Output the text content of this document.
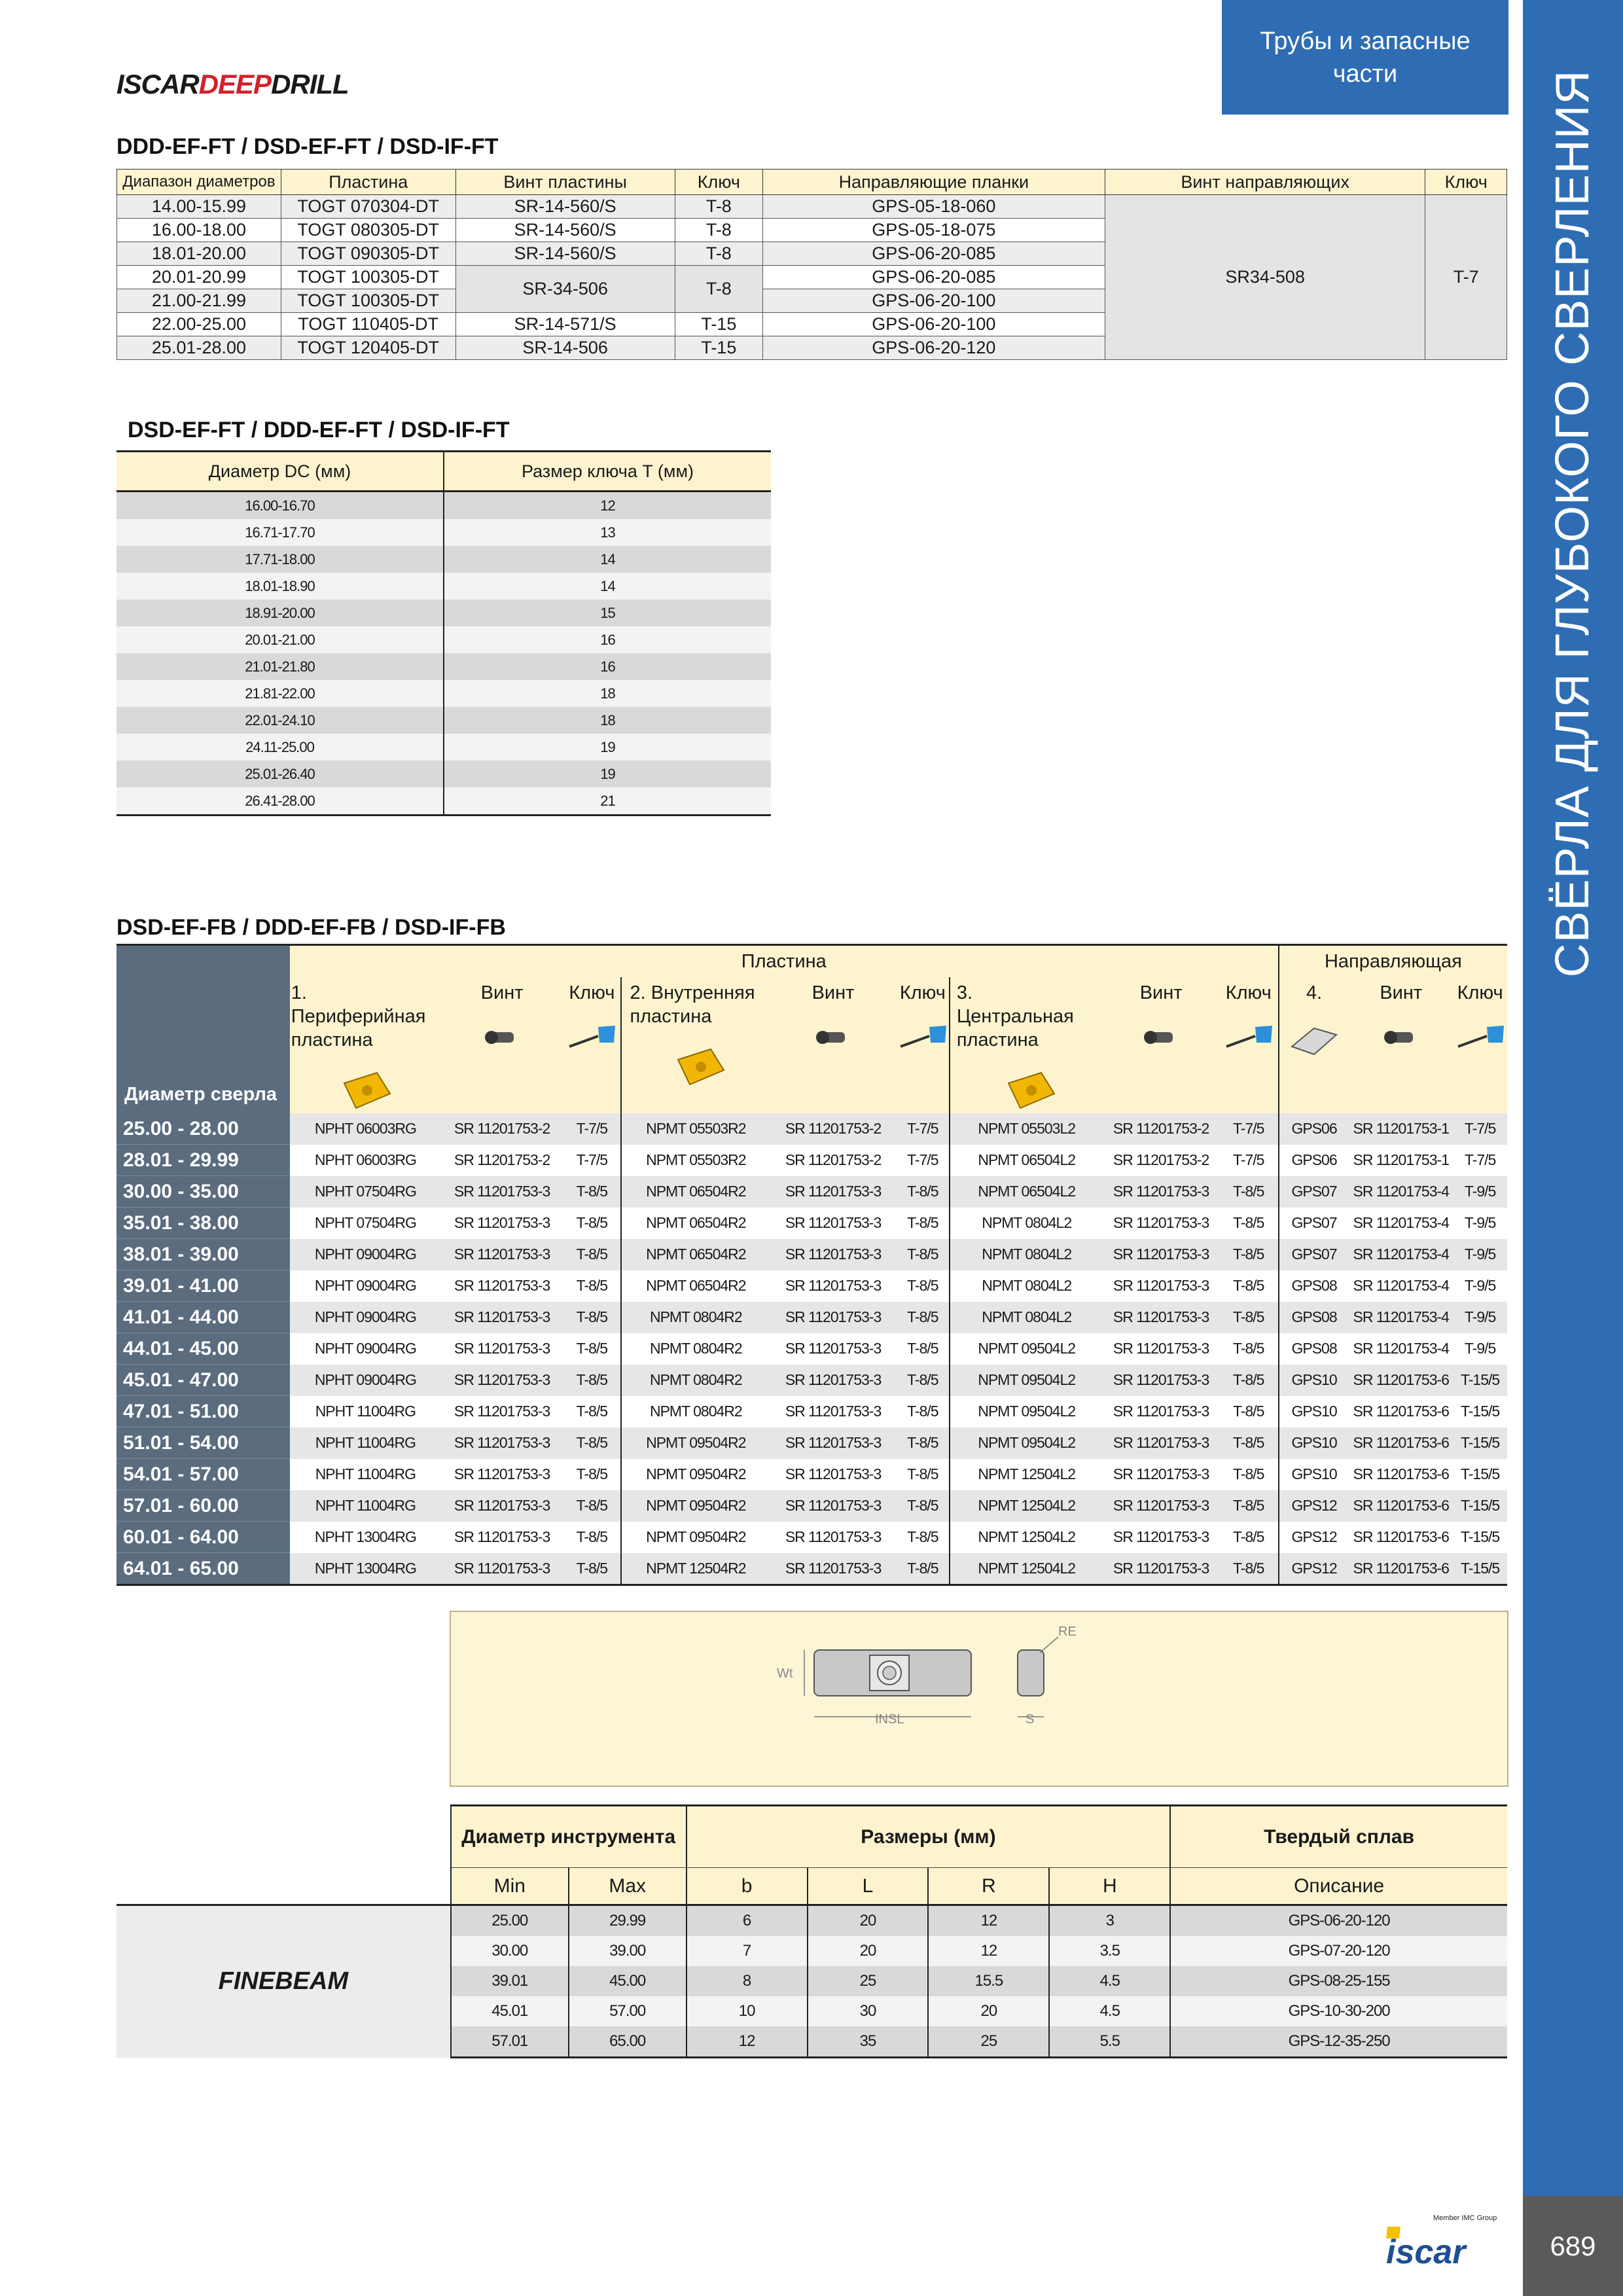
СВЁРЛА ДЛЯ ГЛУБОКОГО СВЕРЛЕНИЯ
Трубы и запасные
части
689
Member IMC Group
iscar
ISCARDEEPDRILL
DDD-EF-FT / DSD-EF-FT / DSD-IF-FT
Диапазон диаметров	Пластина	Винт пластины	Ключ	Направляющие планки	Винт направляющих	Ключ
14.00-15.99	TOGT 070304-DT	SR-14-560/S	T-8	GPS-05-18-060	SR34-508	T-7
16.00-18.00	TOGT 080305-DT	SR-14-560/S	T-8	GPS-05-18-075		
18.01-20.00	TOGT 090305-DT	SR-14-560/S	T-8	GPS-06-20-085		
20.01-20.99	TOGT 100305-DT	SR-34-506	T-8	GPS-06-20-085		
21.00-21.99	TOGT 100305-DT			GPS-06-20-100		
22.00-25.00	TOGT 110405-DT	SR-14-571/S	T-15	GPS-06-20-100		
25.01-28.00	TOGT 120405-DT	SR-14-506	T-15	GPS-06-20-120		
DSD-EF-FT / DDD-EF-FT / DSD-IF-FT
Диаметр DC (мм)	Размер ключа T (мм)
16.00-16.70	12
16.71-17.70	13
17.71-18.00	14
18.01-18.90	14
18.91-20.00	15
20.01-21.00	16
21.01-21.80	16
21.81-22.00	18
22.01-24.10	18
24.11-25.00	19
25.01-26.40	19
26.41-28.00	21
DSD-EF-FB / DDD-EF-FB / DSD-IF-FB
Диаметр сверла	Пластина									Направляющая		

	1. Периферийная пластина	Винт	Ключ	2. Внутренняя пластина	Винт	Ключ	3. Центральная пластина	Винт	Ключ	4.	Винт	Ключ

25.00 - 28.00	NPHT 06003RG	SR 11201753-2	T-7/5	NPMT 05503R2	SR 11201753-2	T-7/5	NPMT 05503L2	SR 11201753-2	T-7/5	GPS06	SR 11201753-1	T-7/5
28.01 - 29.99	NPHT 06003RG	SR 11201753-2	T-7/5	NPMT 05503R2	SR 11201753-2	T-7/5	NPMT 06504L2	SR 11201753-2	T-7/5	GPS06	SR 11201753-1	T-7/5
30.00 - 35.00	NPHT 07504RG	SR 11201753-3	T-8/5	NPMT 06504R2	SR 11201753-3	T-8/5	NPMT 06504L2	SR 11201753-3	T-8/5	GPS07	SR 11201753-4	T-9/5
35.01 - 38.00	NPHT 07504RG	SR 11201753-3	T-8/5	NPMT 06504R2	SR 11201753-3	T-8/5	NPMT 0804L2	SR 11201753-3	T-8/5	GPS07	SR 11201753-4	T-9/5
38.01 - 39.00	NPHT 09004RG	SR 11201753-3	T-8/5	NPMT 06504R2	SR 11201753-3	T-8/5	NPMT 0804L2	SR 11201753-3	T-8/5	GPS07	SR 11201753-4	T-9/5
39.01 - 41.00	NPHT 09004RG	SR 11201753-3	T-8/5	NPMT 06504R2	SR 11201753-3	T-8/5	NPMT 0804L2	SR 11201753-3	T-8/5	GPS08	SR 11201753-4	T-9/5
41.01 - 44.00	NPHT 09004RG	SR 11201753-3	T-8/5	NPMT 0804R2	SR 11201753-3	T-8/5	NPMT 0804L2	SR 11201753-3	T-8/5	GPS08	SR 11201753-4	T-9/5
44.01 - 45.00	NPHT 09004RG	SR 11201753-3	T-8/5	NPMT 0804R2	SR 11201753-3	T-8/5	NPMT 09504L2	SR 11201753-3	T-8/5	GPS08	SR 11201753-4	T-9/5
45.01 - 47.00	NPHT 09004RG	SR 11201753-3	T-8/5	NPMT 0804R2	SR 11201753-3	T-8/5	NPMT 09504L2	SR 11201753-3	T-8/5	GPS10	SR 11201753-6	T-15/5
47.01 - 51.00	NPHT 11004RG	SR 11201753-3	T-8/5	NPMT 0804R2	SR 11201753-3	T-8/5	NPMT 09504L2	SR 11201753-3	T-8/5	GPS10	SR 11201753-6	T-15/5
51.01 - 54.00	NPHT 11004RG	SR 11201753-3	T-8/5	NPMT 09504R2	SR 11201753-3	T-8/5	NPMT 09504L2	SR 11201753-3	T-8/5	GPS10	SR 11201753-6	T-15/5
54.01 - 57.00	NPHT 11004RG	SR 11201753-3	T-8/5	NPMT 09504R2	SR 11201753-3	T-8/5	NPMT 12504L2	SR 11201753-3	T-8/5	GPS10	SR 11201753-6	T-15/5
57.01 - 60.00	NPHT 11004RG	SR 11201753-3	T-8/5	NPMT 09504R2	SR 11201753-3	T-8/5	NPMT 12504L2	SR 11201753-3	T-8/5	GPS12	SR 11201753-6	T-15/5
60.01 - 64.00	NPHT 13004RG	SR 11201753-3	T-8/5	NPMT 09504R2	SR 11201753-3	T-8/5	NPMT 12504L2	SR 11201753-3	T-8/5	GPS12	SR 11201753-6	T-15/5
64.01 - 65.00	NPHT 13004RG	SR 11201753-3	T-8/5	NPMT 12504R2	SR 11201753-3	T-8/5	NPMT 12504L2	SR 11201753-3	T-8/5	GPS12	SR 11201753-6	T-15/5
Wt
INSL	S
RE
	Диаметр инструмента		Размеры (мм)				Твердый сплав
	Min	Max	b	L	R	H	Описание
FINEBEAM	25.00	29.99	6	20	12	3	GPS-06-20-120
	30.00	39.00	7	20	12	3.5	GPS-07-20-120
	39.01	45.00	8	25	15.5	4.5	GPS-08-25-155
	45.01	57.00	10	30	20	4.5	GPS-10-30-200
	57.01	65.00	12	35	25	5.5	GPS-12-35-250
